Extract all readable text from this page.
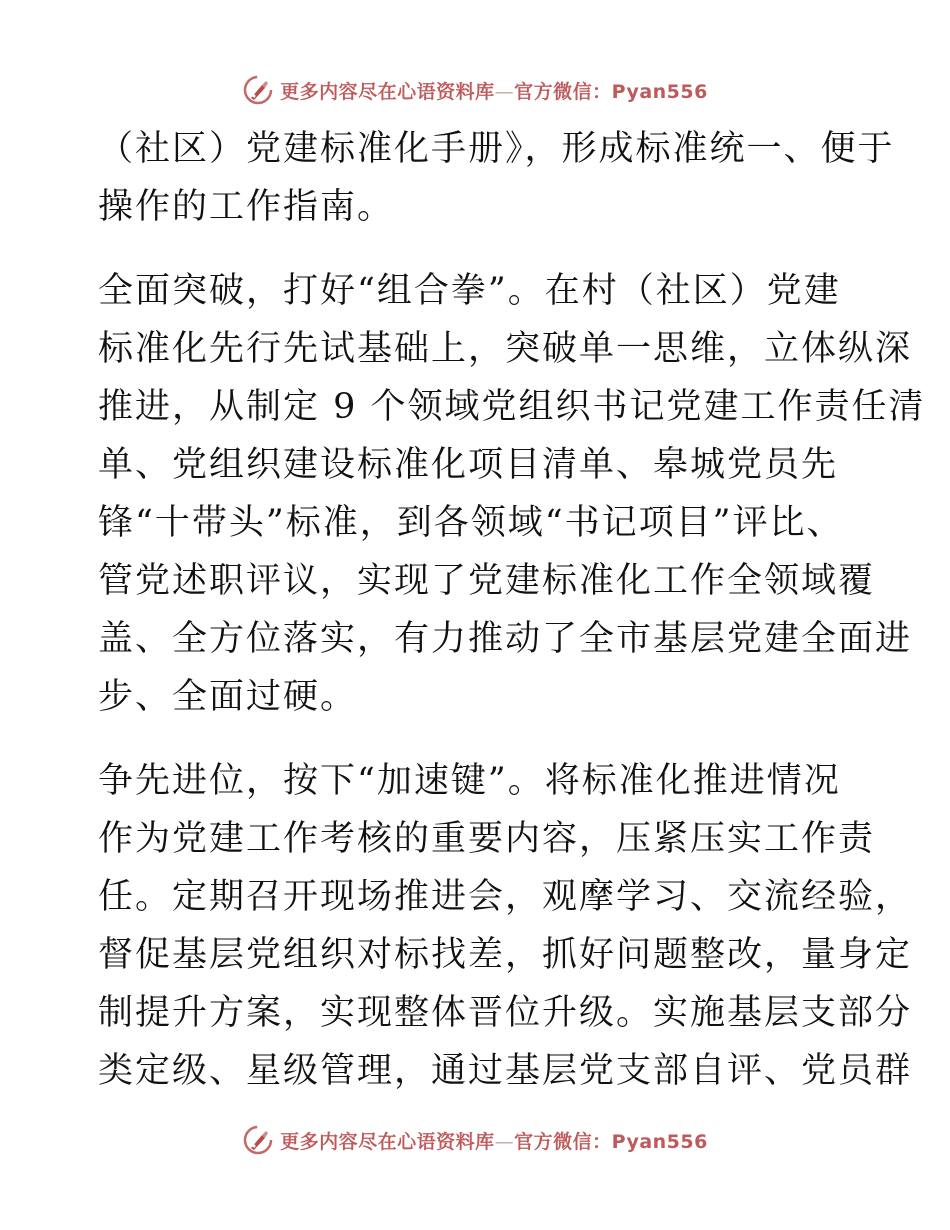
更多内容尽在心语资料库—官方微信：Pyan556
（社区）党建标准化手册》，形成标准统一、便于
操作的工作指南。
全面突破，打好“组合拳”。在村（社区）党建
标准化先行先试基础上，突破单一思维，立体纵深
推进，从制定 9 个领域党组织书记党建工作责任清
单、党组织建设标准化项目清单、皋城党员先
锋“十带头”标准，到各领域“书记项目”评比、
管党述职评议，实现了党建标准化工作全领域覆
盖、全方位落实，有力推动了全市基层党建全面进
步、全面过硬。
争先进位，按下“加速键”。将标准化推进情况
作为党建工作考核的重要内容，压紧压实工作责
任。定期召开现场推进会，观摩学习、交流经验，
督促基层党组织对标找差，抓好问题整改，量身定
制提升方案，实现整体晋位升级。实施基层支部分
类定级、星级管理，通过基层党支部自评、党员群
更多内容尽在心语资料库—官方微信：Pyan556
